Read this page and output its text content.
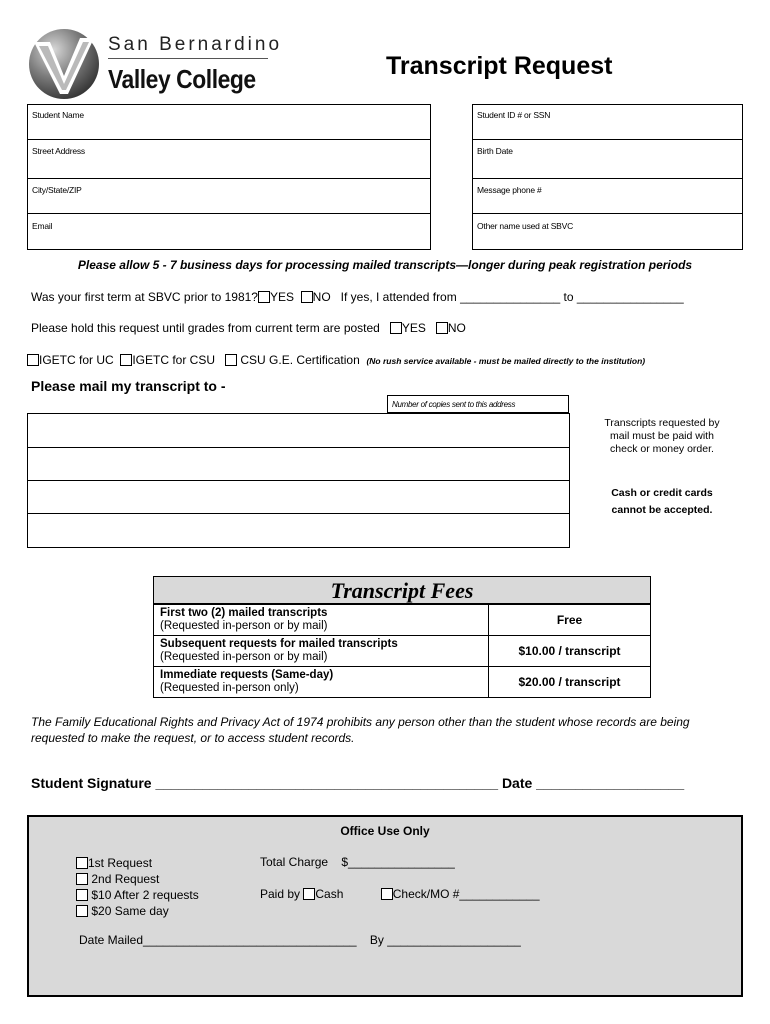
San Bernardino
Valley College	Transcript Request
Student Name
Street Address
City/State/ZIP
Email
Student ID # or SSN
Birth Date
Message phone #
Other name used at SBVC
Please allow 5 - 7 business days for processing mailed transcripts—longer during peak registration periods
Was your first term at SBVC prior to 1981? YES NO If yes, I attended from _______________ to ________________
Please hold this request until grades from current term are posted YES NO
IGETC for UC IGETC for CSU CSU G.E. Certification (No rush service available - must be mailed directly to the institution)
Please mail my transcript to -
Number of copies sent to this address
Transcripts requested by mail must be paid with check or money order.
Cash or credit cards cannot be accepted.
Transcript Fees
First two (2) mailed transcripts
(Requested in-person or by mail)	Free
Subsequent requests for mailed transcripts
(Requested in-person or by mail)	$10.00 / transcript
Immediate requests (Same-day)
(Requested in-person only)	$20.00 / transcript
The Family Educational Rights and Privacy Act of 1974 prohibits any person other than the student whose records are being requested to make the request, or to access student records.
Student Signature ____________________________________________ Date ___________________
Office Use Only
1st Request
2nd Request
$10 After 2 requests
$20 Same day
Total Charge    $________________
Paid by Cash	Check/MO #____________
Date Mailed________________________________    By ____________________
